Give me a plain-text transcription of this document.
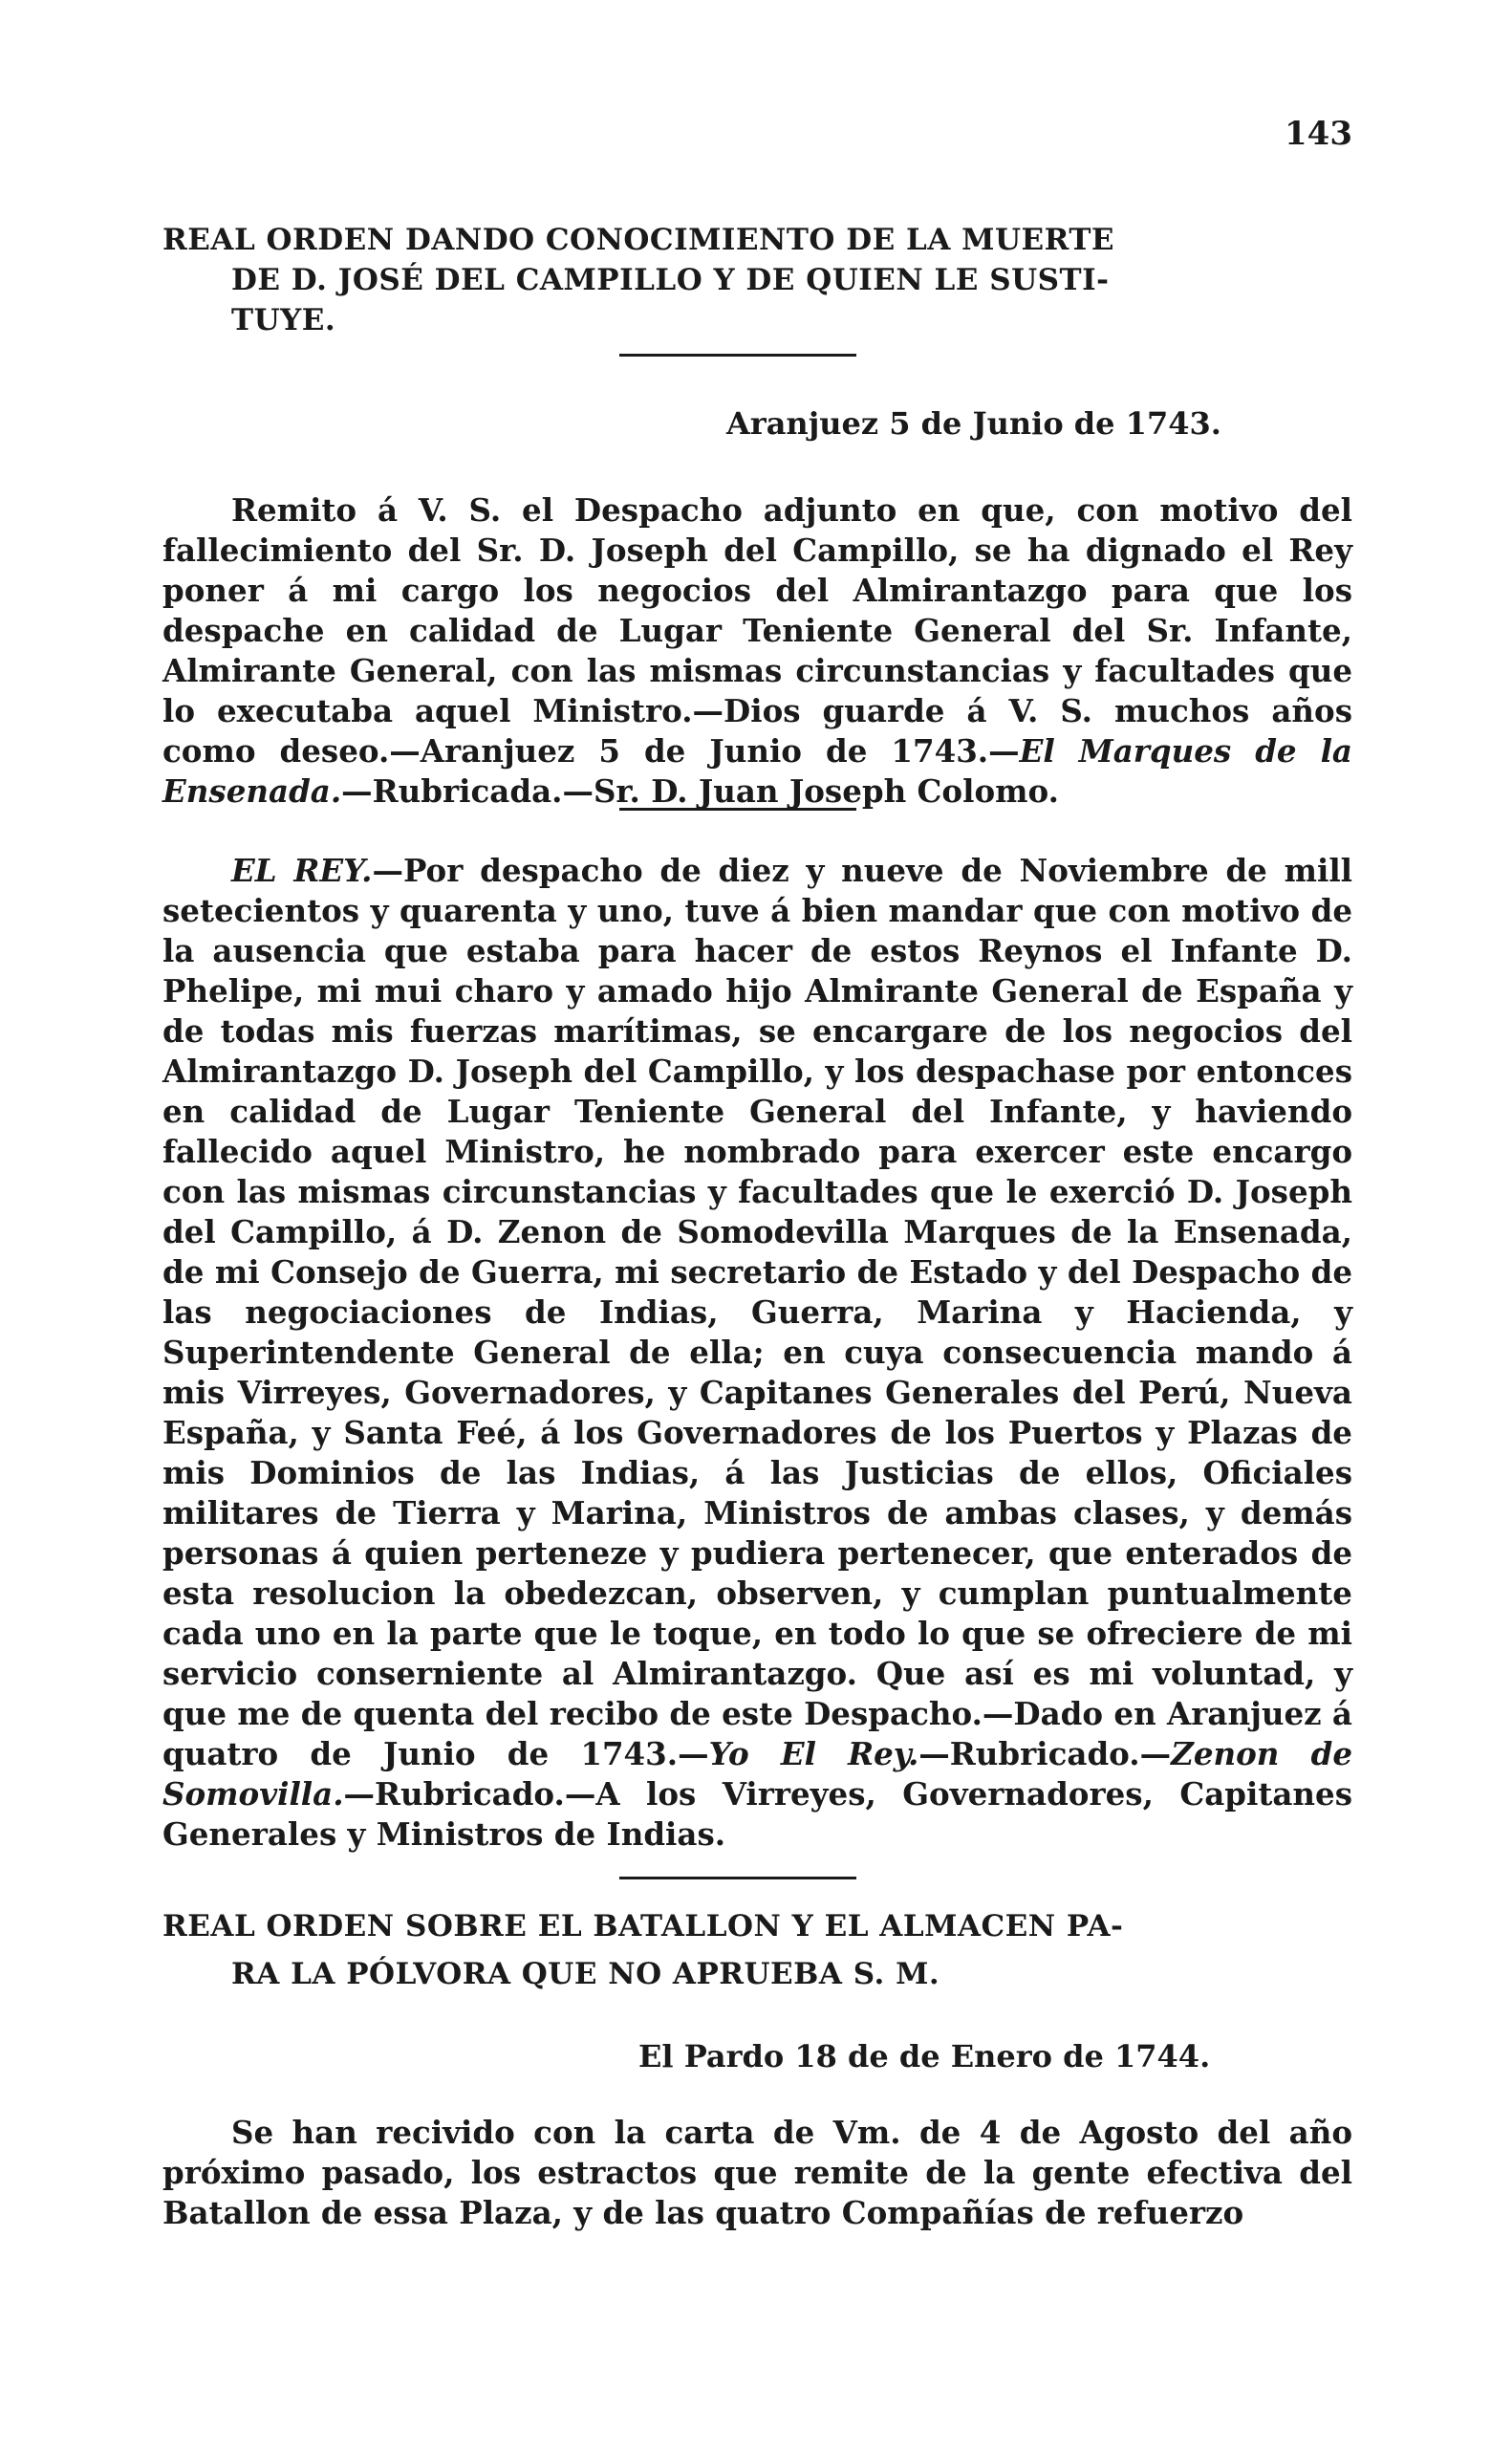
143
REAL ORDEN DANDO CONOCIMIENTO DE LA MUERTE
DE D. JOSÉ DEL CAMPILLO Y DE QUIEN LE SUSTI-
TUYE.
Aranjuez 5 de Junio de 1743.

Remito á V. S. el Despacho adjunto en que, con motivo del fallecimiento del Sr. D. Joseph del Campillo, se ha dignado el Rey poner á mi cargo los negocios del Almirantazgo para que los despache en calidad de Lugar Teniente General del Sr. Infante, Almirante General, con las mismas circunstancias y facultades que lo executaba aquel Ministro.—Dios guarde á V. S. muchos años como deseo.—Aranjuez 5 de Junio de 1743.—El Marques de la Ensenada.—Rubricada.—Sr. D. Juan Joseph Colomo.

EL REY.—Por despacho de diez y nueve de Noviembre de mill setecientos y quarenta y uno, tuve á bien mandar que con motivo de la ausencia que estaba para hacer de estos Reynos el Infante D. Phelipe, mi mui charo y amado hijo Almirante General de España y de todas mis fuerzas marítimas, se encargare de los negocios del Almirantazgo D. Joseph del Campillo, y los despachase por entonces en calidad de Lugar Teniente General del Infante, y haviendo fallecido aquel Ministro, he nombrado para exercer este encargo con las mismas circunstancias y facultades que le exerció D. Joseph del Campillo, á D. Zenon de Somodevilla Marques de la Ensenada, de mi Consejo de Guerra, mi secretario de Estado y del Despacho de las negociaciones de Indias, Guerra, Marina y Hacienda, y Superintendente General de ella; en cuya consecuencia mando á mis Virreyes, Governadores, y Capitanes Generales del Perú, Nueva España, y Santa Feé, á los Governadores de los Puertos y Plazas de mis Dominios de las Indias, á las Justicias de ellos, Oficiales militares de Tierra y Marina, Ministros de ambas clases, y demás personas á quien perteneze y pudiera pertenecer, que enterados de esta resolucion la obedezcan, observen, y cumplan puntualmente cada uno en la parte que le toque, en todo lo que se ofreciere de mi servicio conserniente al Almirantazgo. Que así es mi voluntad, y que me de quenta del recibo de este Despacho.—Dado en Aranjuez á quatro de Junio de 1743.—Yo El Rey.—Rubricado.—Zenon de Somovilla.—Rubricado.—A los Virreyes, Governadores, Capitanes Generales y Ministros de Indias.

REAL ORDEN SOBRE EL BATALLON Y EL ALMACEN PA-
RA LA PÓLVORA QUE NO APRUEBA S. M.
El Pardo 18 de de Enero de 1744.

Se han recivido con la carta de Vm. de 4 de Agosto del año próximo pasado, los estractos que remite de la gente efectiva del Batallon de essa Plaza, y de las quatro Compañías de refuerzo
